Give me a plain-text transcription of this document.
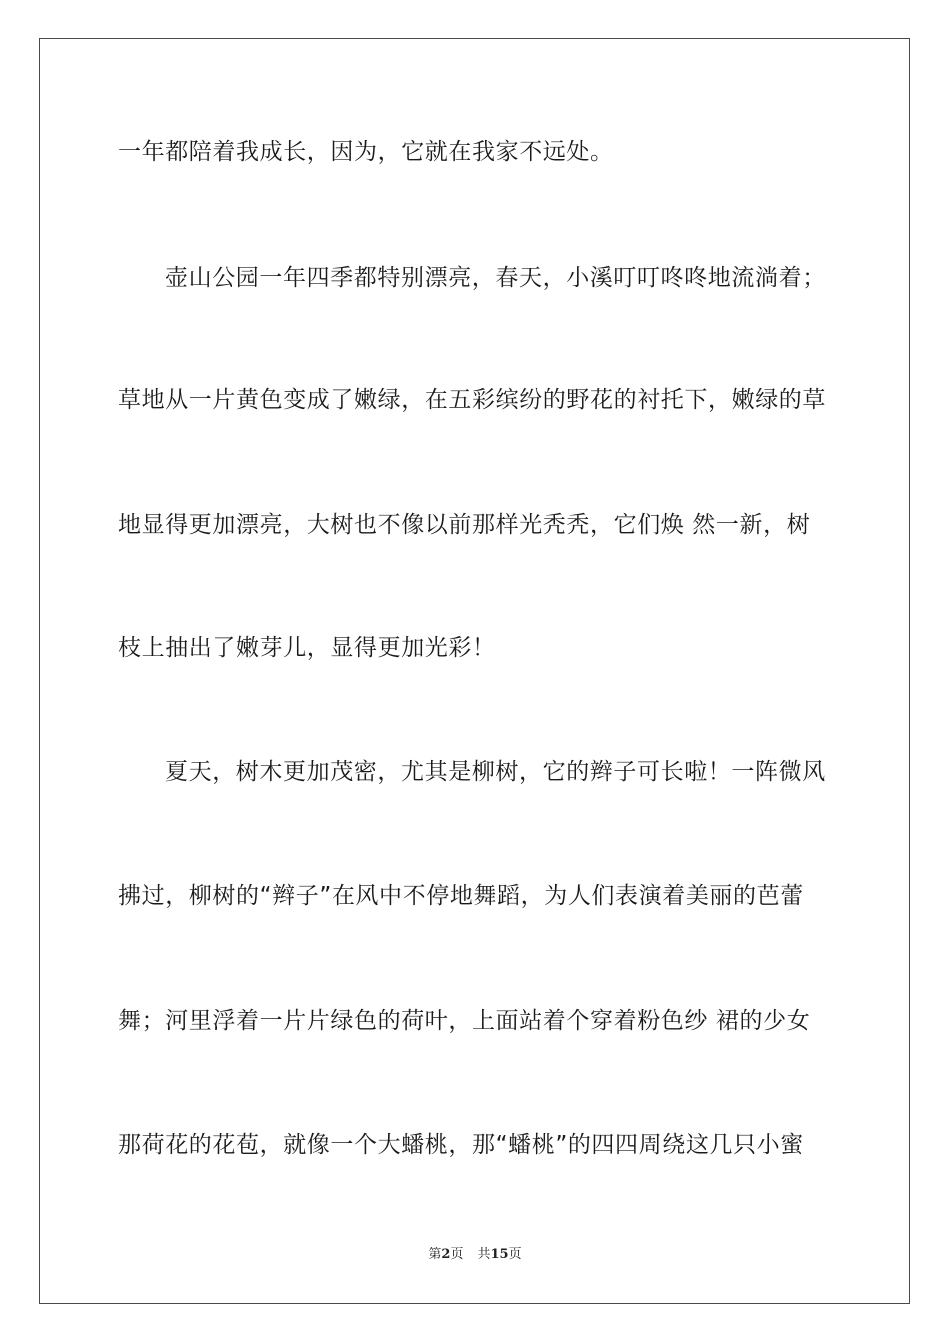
一年都陪着我成长，因为，它就在我家不远处。
壶山公园一年四季都特别漂亮，春天，小溪叮叮咚咚地流淌着；
草地从一片黄色变成了嫩绿，在五彩缤纷的野花的衬托下，嫩绿的草
地显得更加漂亮，大树也不像以前那样光秃秃，它们焕 然一新，树
枝上抽出了嫩芽儿，显得更加光彩！
夏天，树木更加茂密，尤其是柳树，它的辫子可长啦！一阵微风
拂过，柳树的“辫子”在风中不停地舞蹈，为人们表演着美丽的芭蕾
舞；河里浮着一片片绿色的荷叶，上面站着个穿着粉色纱 裙的少女
那荷花的花苞，就像一个大蟠桃，那“蟠桃”的四四周绕这几只小蜜
第2页 共15页
